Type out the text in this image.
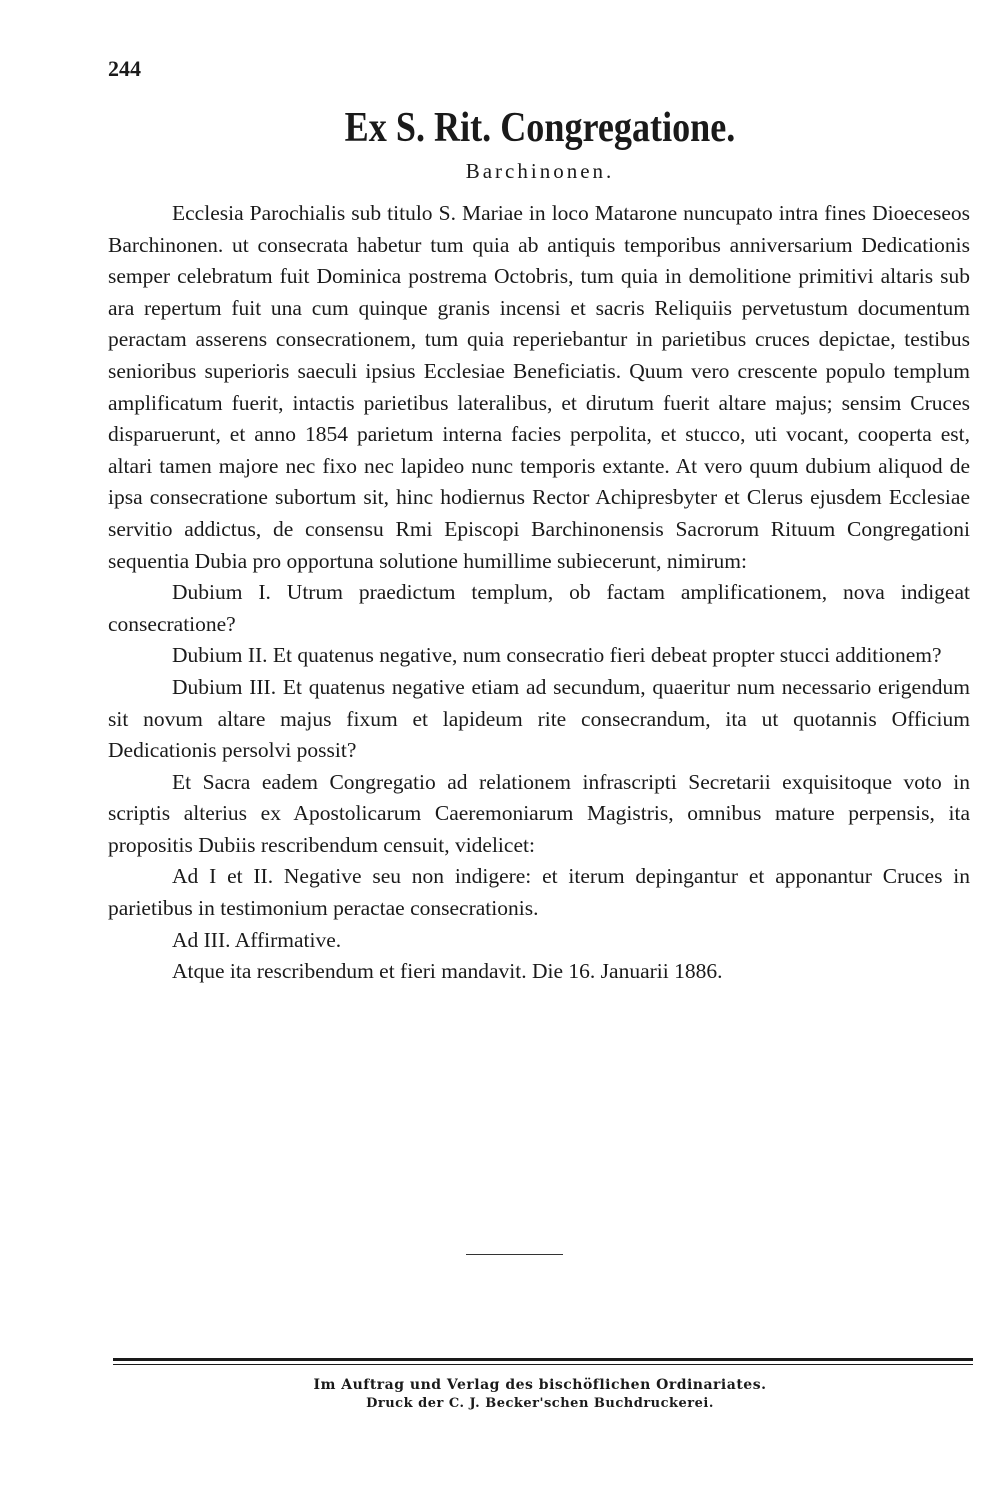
244
Ex S. Rit. Congregatione.
Barchinonen.

Ecclesia Parochialis sub titulo S. Mariae in loco Matarone nuncupato intra fines Dioeceseos Barchinonen. ut consecrata habetur tum quia ab antiquis temporibus anniversarium Dedicationis semper celebratum fuit Dominica postrema Octobris, tum quia in demolitione primitivi altaris sub ara repertum fuit una cum quinque granis incensi et sacris Reliquiis pervetustum documentum peractam asserens consecrationem, tum quia reperiebantur in parietibus cruces depictae, testibus senioribus superioris saeculi ipsius Ecclesiae Beneficiatis. Quum vero crescente populo templum amplificatum fuerit, intactis parietibus lateralibus, et dirutum fuerit altare majus; sensim Cruces disparuerunt, et anno 1854 parietum interna facies perpolita, et stucco, uti vocant, cooperta est, altari tamen majore nec fixo nec lapideo nunc temporis extante. At vero quum dubium aliquod de ipsa consecratione subortum sit, hinc hodiernus Rector Achipresbyter et Clerus ejusdem Ecclesiae servitio addictus, de consensu Rmi Episcopi Barchinonensis Sacrorum Rituum Congregationi sequentia Dubia pro opportuna solutione humillime subiecerunt, nimirum:

Dubium I. Utrum praedictum templum, ob factam amplificationem, nova indigeat consecratione?

Dubium II. Et quatenus negative, num consecratio fieri debeat propter stucci additionem?

Dubium III. Et quatenus negative etiam ad secundum, quaeritur num necessario erigendum sit novum altare majus fixum et lapideum rite consecrandum, ita ut quotannis Officium Dedicationis persolvi possit?

Et Sacra eadem Congregatio ad relationem infrascripti Secretarii exquisitoque voto in scriptis alterius ex Apostolicarum Caeremoniarum Magistris, omnibus mature perpensis, ita propositis Dubiis rescribendum censuit, videlicet:

Ad I et II. Negative seu non indigere: et iterum depingantur et apponantur Cruces in parietibus in testimonium peractae consecrationis.

Ad III. Affirmative.

Atque ita rescribendum et fieri mandavit. Die 16. Januarii 1886.

Im Auftrag und Verlag des bischöflichen Ordinariates.
Druck der C. J. Becker'schen Buchdruckerei.
